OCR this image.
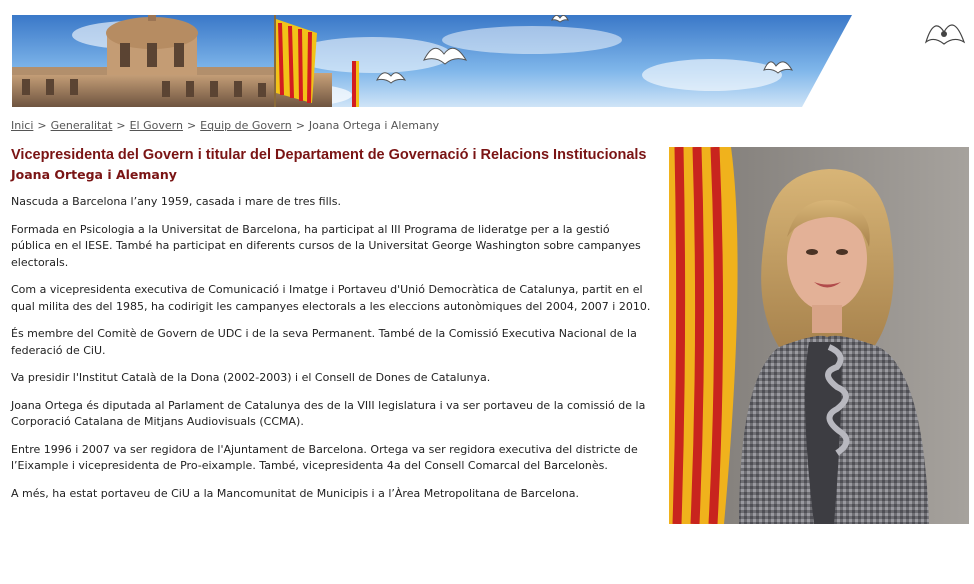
Inici > Generalitat > El Govern > Equip de Govern > Joana Ortega i Alemany
Vicepresidenta del Govern i titular del Departament de Governació i Relacions Institucionals
Joana Ortega i Alemany

Nascuda a Barcelona l’any 1959, casada i mare de tres fills.

Formada en Psicologia a la Universitat de Barcelona, ha participat al III Programa de lideratge per a la gestió pública en el IESE. També ha participat en diferents cursos de la Universitat George Washington sobre campanyes electorals.

Com a vicepresidenta executiva de Comunicació i Imatge i Portaveu d'Unió Democràtica de Catalunya, partit en el qual milita des del 1985, ha codirigit les campanyes electorals a les eleccions autonòmiques del 2004, 2007 i 2010.

És membre del Comitè de Govern de UDC i de la seva Permanent. També de la Comissió Executiva Nacional de la federació de CiU.

Va presidir l'Institut Català de la Dona (2002-2003) i el Consell de Dones de Catalunya.

Joana Ortega és diputada al Parlament de Catalunya des de la VIII legislatura i va ser portaveu de la comissió de la Corporació Catalana de Mitjans Audiovisuals (CCMA).

Entre 1996 i 2007 va ser regidora de l'Ajuntament de Barcelona. Ortega va ser regidora executiva del districte de l’Eixample i vicepresidenta de Pro-eixample. També, vicepresidenta 4a del Consell Comarcal del Barcelonès.

A més, ha estat portaveu de CiU a la Mancomunitat de Municipis i a l’Àrea Metropolitana de Barcelona.
